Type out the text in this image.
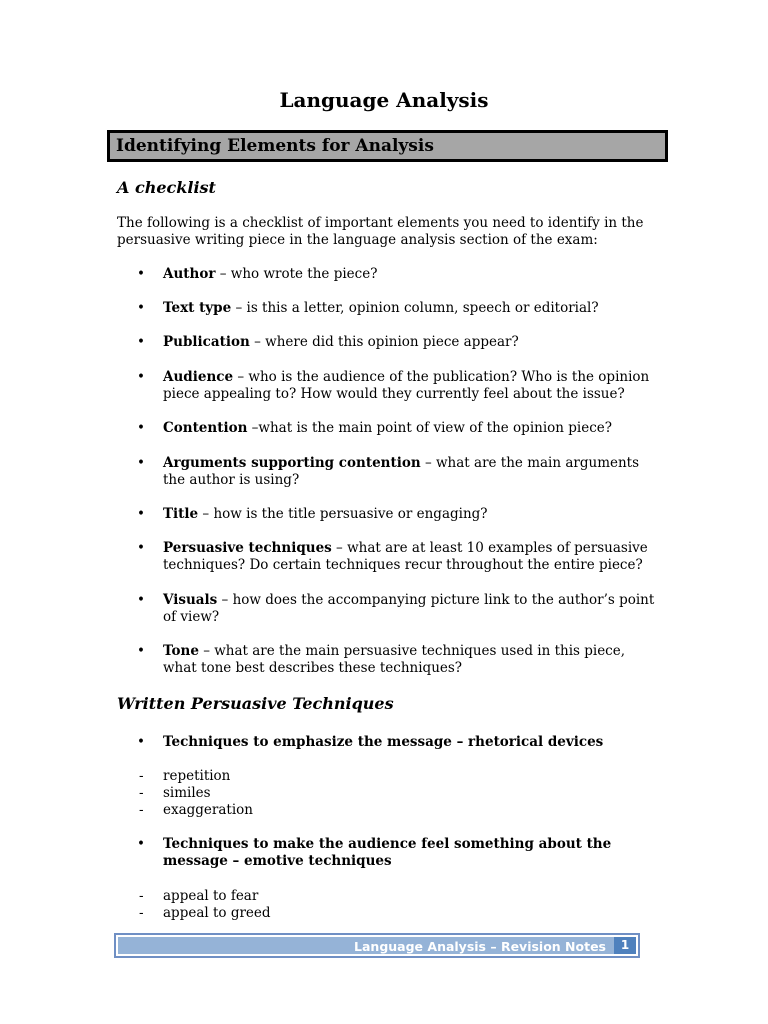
Language Analysis
Identifying Elements for Analysis
A checklist
The following is a checklist of important elements you need to identify in the
persuasive writing piece in the language analysis section of the exam:
• Author – who wrote the piece?
• Text type – is this a letter, opinion column, speech or editorial?
• Publication – where did this opinion piece appear?
• Audience – who is the audience of the publication? Who is the opinion piece appealing to? How would they currently feel about the issue?
• Contention –what is the main point of view of the opinion piece?
• Arguments supporting contention – what are the main arguments the author is using?
• Title – how is the title persuasive or engaging?
• Persuasive techniques – what are at least 10 examples of persuasive techniques? Do certain techniques recur throughout the entire piece?
• Visuals – how does the accompanying picture link to the author’s point of view?
• Tone – what are the main persuasive techniques used in this piece, what tone best describes these techniques?
Written Persuasive Techniques
• Techniques to emphasize the message – rhetorical devices
- repetition
- similes
- exaggeration
• Techniques to make the audience feel something about the message – emotive techniques
- appeal to fear
- appeal to greed
Language Analysis – Revision Notes	1
